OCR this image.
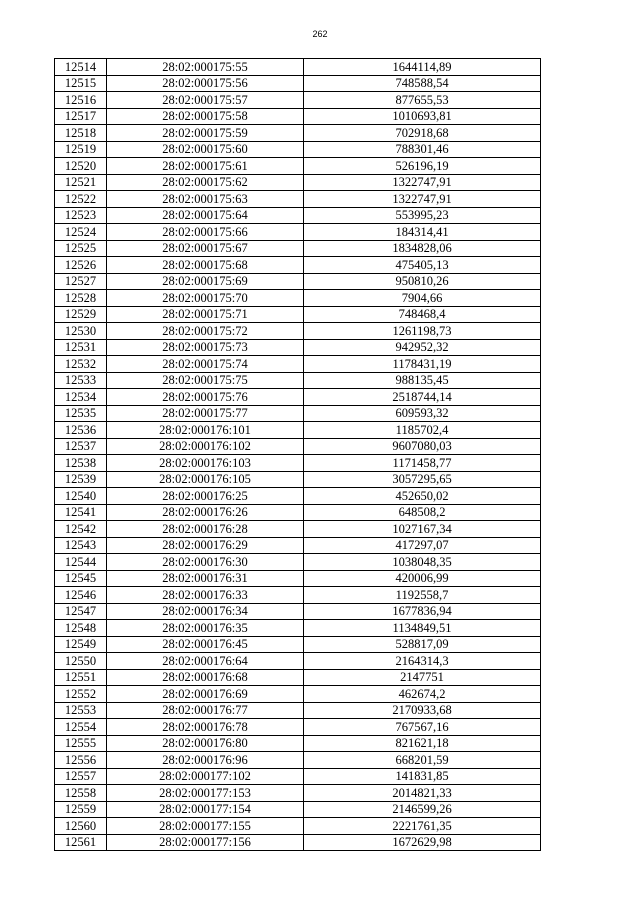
262
12514	28:02:000175:55	1644114,89
12515	28:02:000175:56	748588,54
12516	28:02:000175:57	877655,53
12517	28:02:000175:58	1010693,81
12518	28:02:000175:59	702918,68
12519	28:02:000175:60	788301,46
12520	28:02:000175:61	526196,19
12521	28:02:000175:62	1322747,91
12522	28:02:000175:63	1322747,91
12523	28:02:000175:64	553995,23
12524	28:02:000175:66	184314,41
12525	28:02:000175:67	1834828,06
12526	28:02:000175:68	475405,13
12527	28:02:000175:69	950810,26
12528	28:02:000175:70	7904,66
12529	28:02:000175:71	748468,4
12530	28:02:000175:72	1261198,73
12531	28:02:000175:73	942952,32
12532	28:02:000175:74	1178431,19
12533	28:02:000175:75	988135,45
12534	28:02:000175:76	2518744,14
12535	28:02:000175:77	609593,32
12536	28:02:000176:101	1185702,4
12537	28:02:000176:102	9607080,03
12538	28:02:000176:103	1171458,77
12539	28:02:000176:105	3057295,65
12540	28:02:000176:25	452650,02
12541	28:02:000176:26	648508,2
12542	28:02:000176:28	1027167,34
12543	28:02:000176:29	417297,07
12544	28:02:000176:30	1038048,35
12545	28:02:000176:31	420006,99
12546	28:02:000176:33	1192558,7
12547	28:02:000176:34	1677836,94
12548	28:02:000176:35	1134849,51
12549	28:02:000176:45	528817,09
12550	28:02:000176:64	2164314,3
12551	28:02:000176:68	2147751
12552	28:02:000176:69	462674,2
12553	28:02:000176:77	2170933,68
12554	28:02:000176:78	767567,16
12555	28:02:000176:80	821621,18
12556	28:02:000176:96	668201,59
12557	28:02:000177:102	141831,85
12558	28:02:000177:153	2014821,33
12559	28:02:000177:154	2146599,26
12560	28:02:000177:155	2221761,35
12561	28:02:000177:156	1672629,98
